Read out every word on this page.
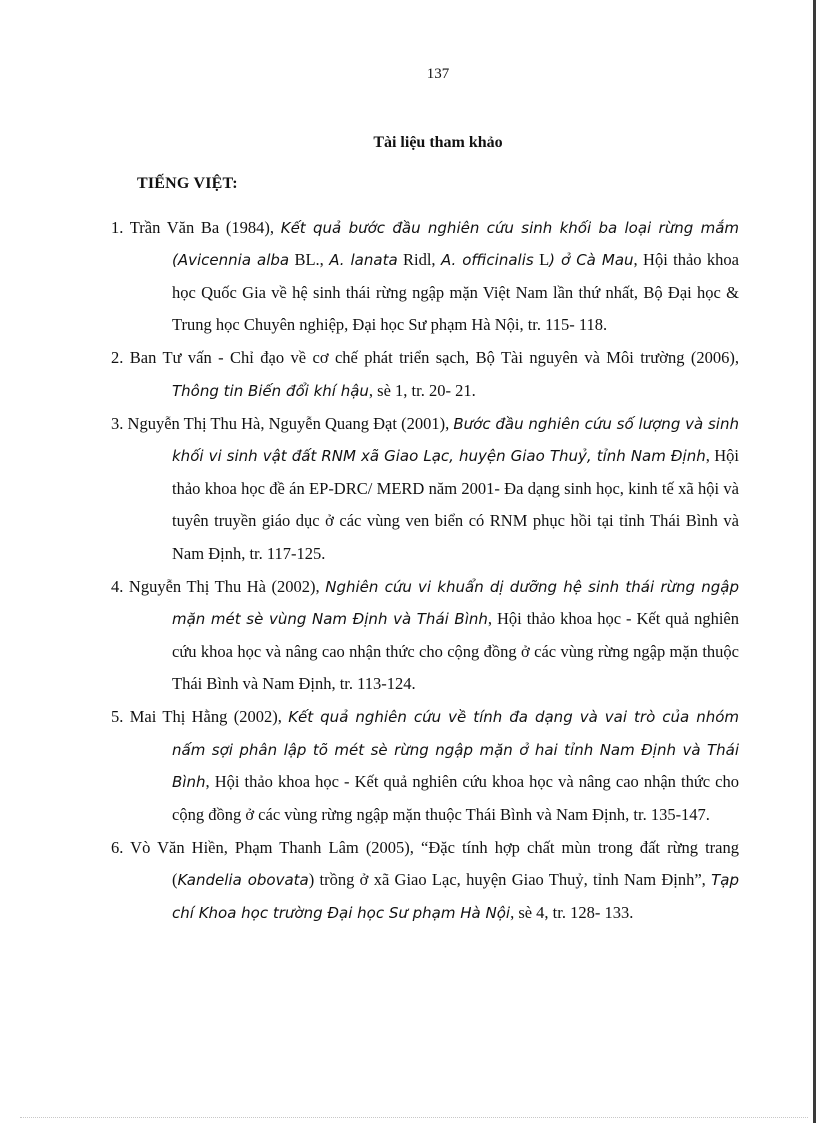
137
Tài liệu tham khảo
TIẾNG VIỆT:
1. Trần Văn Ba (1984), Kết quả bước đầu nghiên cứu sinh khối ba loại rừng mắm (Avicennia alba BL., A. lanata Ridl, A. officinalis L) ở Cà Mau, Hội thảo khoa học Quốc Gia về hệ sinh thái rừng ngập mặn Việt Nam lần thứ nhất, Bộ Đại học & Trung học Chuyên nghiệp, Đại học Sư phạm Hà Nội, tr. 115- 118.
2. Ban Tư vấn - Chỉ đạo về cơ chế phát triển sạch, Bộ Tài nguyên và Môi trường (2006), Thông tin Biến đổi khí hậu, sè 1, tr. 20- 21.
3. Nguyễn Thị Thu Hà, Nguyễn Quang Đạt (2001), Bước đầu nghiên cứu số lượng và sinh khối vi sinh vật đất RNM xã Giao Lạc, huyện Giao Thuỷ, tỉnh Nam Định, Hội thảo khoa học đề án EP-DRC/ MERD năm 2001- Đa dạng sinh học, kinh tế xã hội và tuyên truyền giáo dục ở các vùng ven biển có RNM phục hồi tại tỉnh Thái Bình và Nam Định, tr. 117-125.
4. Nguyễn Thị Thu Hà (2002), Nghiên cứu vi khuẩn dị dưỡng hệ sinh thái rừng ngập mặn mét sè vùng Nam Định và Thái Bình, Hội thảo khoa học - Kết quả nghiên cứu khoa học và nâng cao nhận thức cho cộng đồng ở các vùng rừng ngập mặn thuộc Thái Bình và Nam Định, tr. 113-124.
5. Mai Thị Hằng (2002), Kết quả nghiên cứu về tính đa dạng và vai trò của nhóm nấm sợi phân lập tõ mét sè rừng ngập mặn ở hai tỉnh Nam Định và Thái Bình, Hội thảo khoa học - Kết quả nghiên cứu khoa học và nâng cao nhận thức cho cộng đồng ở các vùng rừng ngập mặn thuộc Thái Bình và Nam Định, tr. 135-147.
6. Vò Văn Hiền, Phạm Thanh Lâm (2005), “Đặc tính hợp chất mùn trong đất rừng trang (Kandelia obovata) trồng ở xã Giao Lạc, huyện Giao Thuỷ, tỉnh Nam Định”, Tạp chí Khoa học trường Đại học Sư phạm Hà Nội, sè 4, tr. 128- 133.
